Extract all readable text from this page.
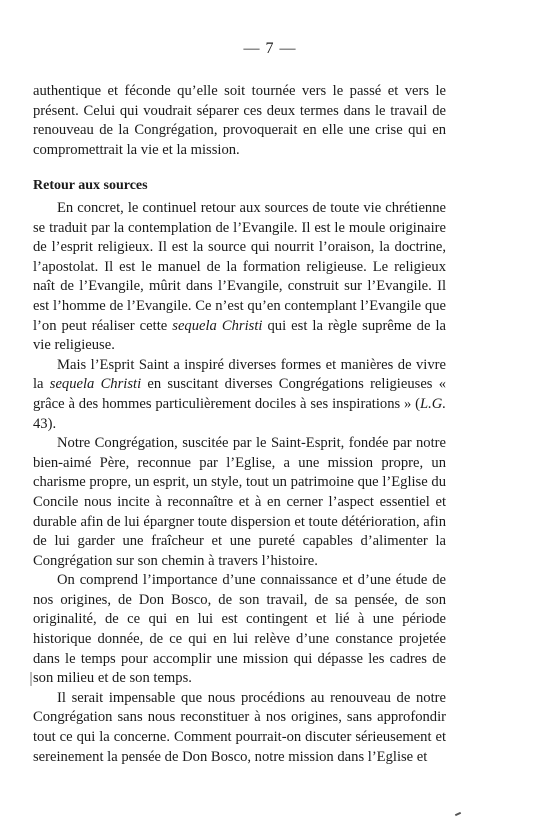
— 7 —

authentique et féconde qu’elle soit tournée vers le passé et vers le présent. Celui qui voudrait séparer ces deux termes dans le travail de renouveau de la Congrégation, provoquerait en elle une crise qui en compromettrait la vie et la mission.

Retour aux sources

En concret, le continuel retour aux sources de toute vie chrétienne se traduit par la contemplation de l’Evangile. Il est le moule originaire de l’esprit religieux. Il est la source qui nourrit l’oraison, la doctrine, l’apostolat. Il est le manuel de la formation religieuse. Le religieux naît de l’Evangile, mûrit dans l’Evangile, construit sur l’Evangile. Il est l’homme de l’Evangile. Ce n’est qu’en contemplant l’Evangile que l’on peut réaliser cette sequela Christi qui est la règle suprême de la vie religieuse.

Mais l’Esprit Saint a inspiré diverses formes et manières de vivre la sequela Christi en suscitant diverses Congrégations religieuses « grâce à des hommes particulièrement dociles à ses inspirations » (L.G. 43).

Notre Congrégation, suscitée par le Saint-Esprit, fondée par notre bien-aimé Père, reconnue par l’Eglise, a une mission propre, un charisme propre, un esprit, un style, tout un patrimoine que l’Eglise du Concile nous incite à reconnaître et à en cerner l’aspect essentiel et durable afin de lui épargner toute dispersion et toute détérioration, afin de lui garder une fraîcheur et une pureté capables d’alimenter la Congrégation sur son chemin à travers l’histoire.

On comprend l’importance d’une connaissance et d’une étude de nos origines, de Don Bosco, de son travail, de sa pensée, de son originalité, de ce qui en lui est contingent et lié à une période historique donnée, de ce qui en lui relève d’une constance projetée dans le temps pour accomplir une mission qui dépasse les cadres de son milieu et de son temps.

Il serait impensable que nous procédions au renouveau de notre Congrégation sans nous reconstituer à nos origines, sans approfondir tout ce qui la concerne. Comment pourrait-on discuter sérieusement et sereinement la pensée de Don Bosco, notre mission dans l’Eglise et
